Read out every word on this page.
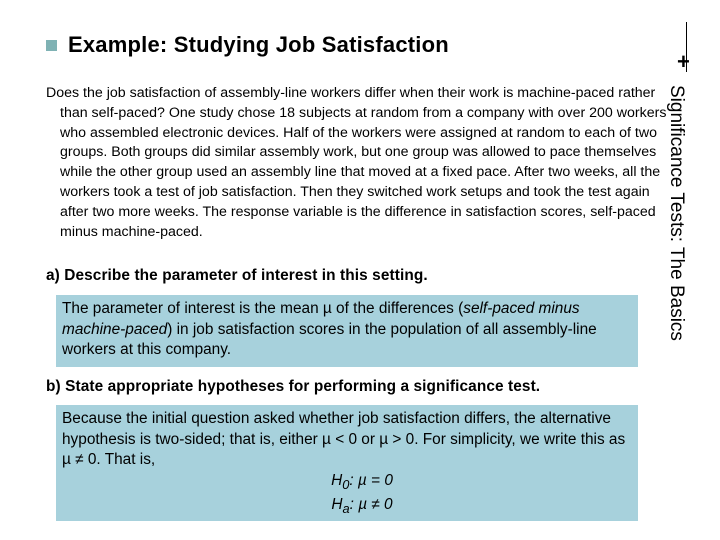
Example: Studying Job Satisfaction
+
Significance Tests: The Basics

Does the job satisfaction of assembly-line workers differ when their work is machine-paced rather than self-paced? One study chose 18 subjects at random from a company with over 200 workers who assembled electronic devices. Half of the workers were assigned at random to each of two groups. Both groups did similar assembly work, but one group was allowed to pace themselves while the other group used an assembly line that moved at a fixed pace. After two weeks, all the workers took a test of job satisfaction. Then they switched work setups and took the test again after two more weeks. The response variable is the difference in satisfaction scores, self-paced minus machine-paced.

a) Describe the parameter of interest in this setting.

The parameter of interest is the mean µ of the differences (self-paced minus machine-paced) in job satisfaction scores in the population of all assembly-line workers at this company.

b) State appropriate hypotheses for performing a significance test.

Because the initial question asked whether job satisfaction differs, the alternative hypothesis is two-sided; that is, either µ < 0 or µ > 0. For simplicity, we write this as µ ≠ 0. That is,
$H_0$: µ = 0
$H_a$: µ ≠ 0
